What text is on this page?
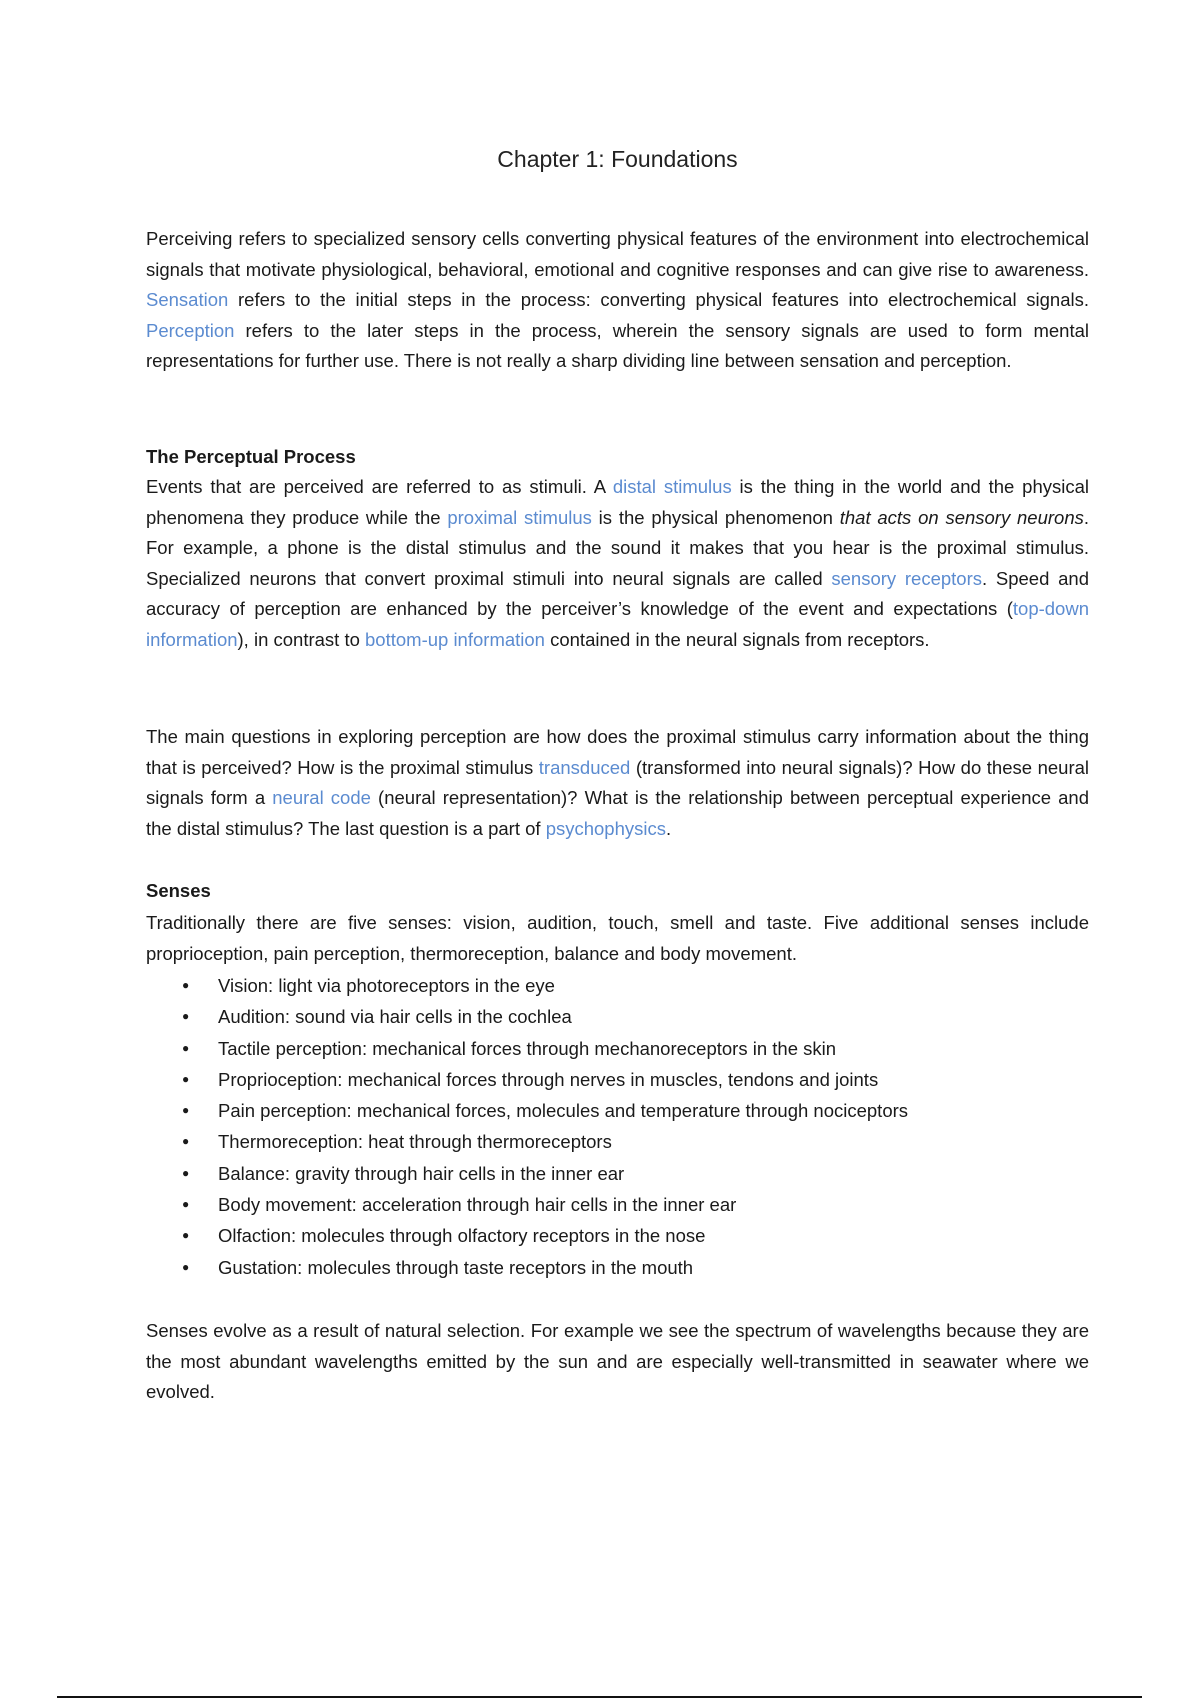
Chapter 1: Foundations
Perceiving refers to specialized sensory cells converting physical features of the environment into electrochemical signals that motivate physiological, behavioral, emotional and cognitive responses and can give rise to awareness. Sensation refers to the initial steps in the process: converting physical features into electrochemical signals. Perception refers to the later steps in the process, wherein the sensory signals are used to form mental representations for further use. There is not really a sharp dividing line between sensation and perception.
The Perceptual Process
Events that are perceived are referred to as stimuli. A distal stimulus is the thing in the world and the physical phenomena they produce while the proximal stimulus is the physical phenomenon that acts on sensory neurons. For example, a phone is the distal stimulus and the sound it makes that you hear is the proximal stimulus. Specialized neurons that convert proximal stimuli into neural signals are called sensory receptors. Speed and accuracy of perception are enhanced by the perceiver’s knowledge of the event and expectations (top-down information), in contrast to bottom-up information contained in the neural signals from receptors.
The main questions in exploring perception are how does the proximal stimulus carry information about the thing that is perceived? How is the proximal stimulus transduced (transformed into neural signals)? How do these neural signals form a neural code (neural representation)? What is the relationship between perceptual experience and the distal stimulus? The last question is a part of psychophysics.
Senses
Traditionally there are five senses: vision, audition, touch, smell and taste. Five additional senses include proprioception, pain perception, thermoreception, balance and body movement.
● Vision: light via photoreceptors in the eye
● Audition: sound via hair cells in the cochlea
● Tactile perception: mechanical forces through mechanoreceptors in the skin
● Proprioception: mechanical forces through nerves in muscles, tendons and joints
● Pain perception: mechanical forces, molecules and temperature through nociceptors
● Thermoreception: heat through thermoreceptors
● Balance: gravity through hair cells in the inner ear
● Body movement: acceleration through hair cells in the inner ear
● Olfaction: molecules through olfactory receptors in the nose
● Gustation: molecules through taste receptors in the mouth
Senses evolve as a result of natural selection. For example we see the spectrum of wavelengths because they are the most abundant wavelengths emitted by the sun and are especially well-transmitted in seawater where we evolved.
